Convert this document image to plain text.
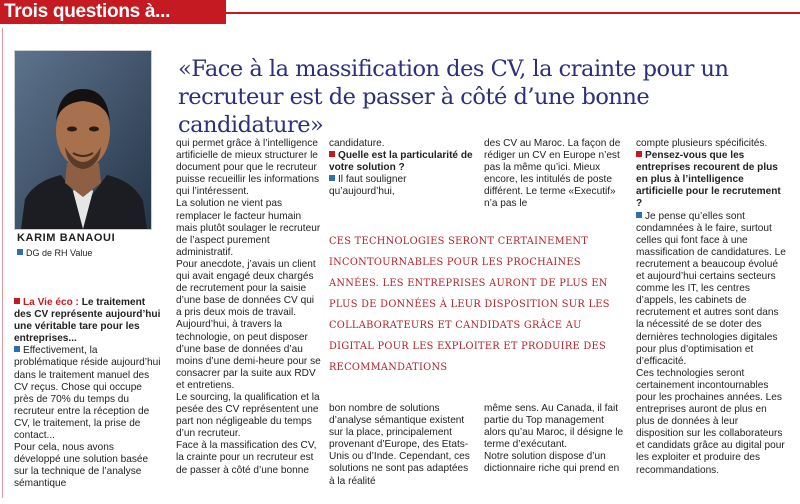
Trois questions à...
KARIM BANAOUI
DG de RH Value
«Face à la massification des CV, la crainte pour un recruteur est de passer à côté d’une bonne candidature»
La Vie éco : Le traitement des CV représente aujourd’hui une véritable tare pour les entreprises...
Effectivement, la problématique réside aujourd’hui dans le traitement manuel des CV reçus. Chose qui occupe près de 70% du temps du recruteur entre la réception de CV, le traitement, la prise de contact...
Pour cela, nous avons développé une solution basée sur la technique de l’analyse sémantique
qui permet grâce à l’intelligence artificielle de mieux structurer le document pour que le recruteur puisse recueillir les informations qui l’intéressent.
La solution ne vient pas remplacer le facteur humain mais plutôt soulager le recruteur de l’aspect purement administratif.
Pour anecdote, j’avais un client qui avait engagé deux chargés de recrutement pour la saisie d’une base de données CV qui a pris deux mois de travail. Aujourd’hui, à travers la technologie, on peut disposer d’une base de données d’au moins d’une demi-heure pour se consacrer par la suite aux RDV et entretiens.
Le sourcing, la qualification et la pesée des CV représentent une part non négligeable du temps d’un recruteur.
Face à la massification des CV, la crainte pour un recruteur est de passer à côté d’une bonne
candidature.
Quelle est la particularité de votre solution ?
Il faut souligner qu’aujourd’hui,
des CV au Maroc. La façon de rédiger un CV en Europe n’est pas la même qu’ici. Mieux encore, les intitulés de poste différent. Le terme «Executif» n’a pas le
CES TECHNOLOGIES SERONT CERTAINEMENT
INCONTOURNABLES POUR LES PROCHAINES
ANNÉES. LES ENTREPRISES AURONT DE PLUS EN
PLUS DE DONNÉES À LEUR DISPOSITION SUR LES
COLLABORATEURS ET CANDIDATS GRÂCE AU
DIGITAL POUR LES EXPLOITER ET PRODUIRE DES
RECOMMANDATIONS
bon nombre de solutions d’analyse sémantique existent sur la place, principalement provenant d’Europe, des Etats-Unis ou d’Inde. Cependant, ces solutions ne sont pas adaptées à la réalité
même sens. Au Canada, il fait partie du Top management alors qu’au Maroc, il désigne le terme d’exécutant.
Notre solution dispose d’un dictionnaire riche qui prend en
compte plusieurs spécificités.
Pensez-vous que les entreprises recourent de plus en plus à l’intelligence artificielle pour le recrutement ?
Je pense qu’elles sont condamnées à le faire, surtout celles qui font face à une massification de candidatures. Le recrutement a beaucoup évolué et aujourd’hui certains secteurs comme les IT, les centres d’appels, les cabinets de recrutement et autres sont dans la nécessité de se doter des dernières technologies digitales pour plus d’optimisation et d’efficacité.
Ces technologies seront certainement incontournables pour les prochaines années. Les entreprises auront de plus en plus de données à leur disposition sur les collaborateurs et candidats grâce au digital pour les exploiter et produire des recommandations.
